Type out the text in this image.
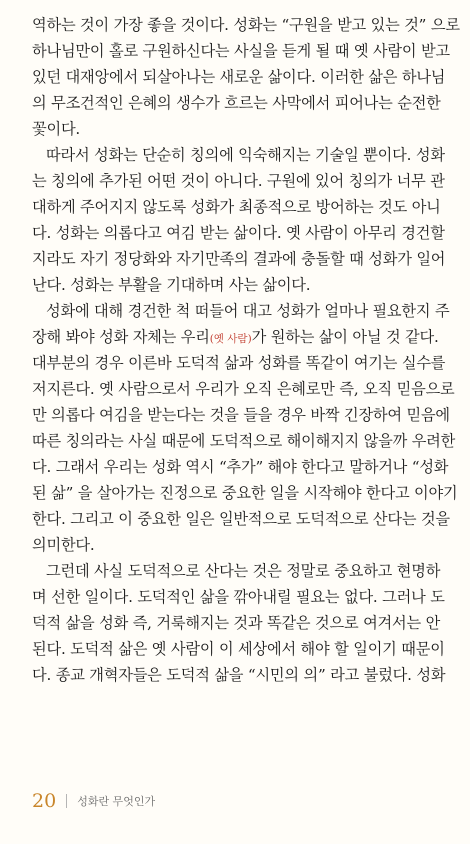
역하는 것이 가장 좋을 것이다. 성화는 “구원을 받고 있는 것” 으로
하나님만이 홀로 구원하신다는 사실을 듣게 될 때 옛 사람이 받고
있던 대재앙에서 되살아나는 새로운 삶이다. 이러한 삶은 하나님
의 무조건적인 은혜의 생수가 흐르는 사막에서 피어나는 순전한
꽃이다.
따라서 성화는 단순히 칭의에 익숙해지는 기술일 뿐이다. 성화
는 칭의에 추가된 어떤 것이 아니다. 구원에 있어 칭의가 너무 관
대하게 주어지지 않도록 성화가 최종적으로 방어하는 것도 아니
다. 성화는 의롭다고 여김 받는 삶이다. 옛 사람이 아무리 경건할
지라도 자기 정당화와 자기만족의 결과에 충돌할 때 성화가 일어
난다. 성화는 부활을 기대하며 사는 삶이다.
성화에 대해 경건한 척 떠들어 대고 성화가 얼마나 필요한지 주
장해 봐야 성화 자체는 우리(옛 사람)가 원하는 삶이 아닐 것 같다.
대부분의 경우 이른바 도덕적 삶과 성화를 똑같이 여기는 실수를
저지른다. 옛 사람으로서 우리가 오직 은혜로만 즉, 오직 믿음으로
만 의롭다 여김을 받는다는 것을 들을 경우 바짝 긴장하여 믿음에
따른 칭의라는 사실 때문에 도덕적으로 해이해지지 않을까 우려한
다. 그래서 우리는 성화 역시 “추가” 해야 한다고 말하거나 “성화
된 삶” 을 살아가는 진정으로 중요한 일을 시작해야 한다고 이야기
한다. 그리고 이 중요한 일은 일반적으로 도덕적으로 산다는 것을
의미한다.
그런데 사실 도덕적으로 산다는 것은 정말로 중요하고 현명하
며 선한 일이다. 도덕적인 삶을 깎아내릴 필요는 없다. 그러나 도
덕적 삶을 성화 즉, 거룩해지는 것과 똑같은 것으로 여겨서는 안
된다. 도덕적 삶은 옛 사람이 이 세상에서 해야 할 일이기 때문이
다. 종교 개혁자들은 도덕적 삶을 “시민의 의” 라고 불렀다. 성화
20 성화란 무엇인가
